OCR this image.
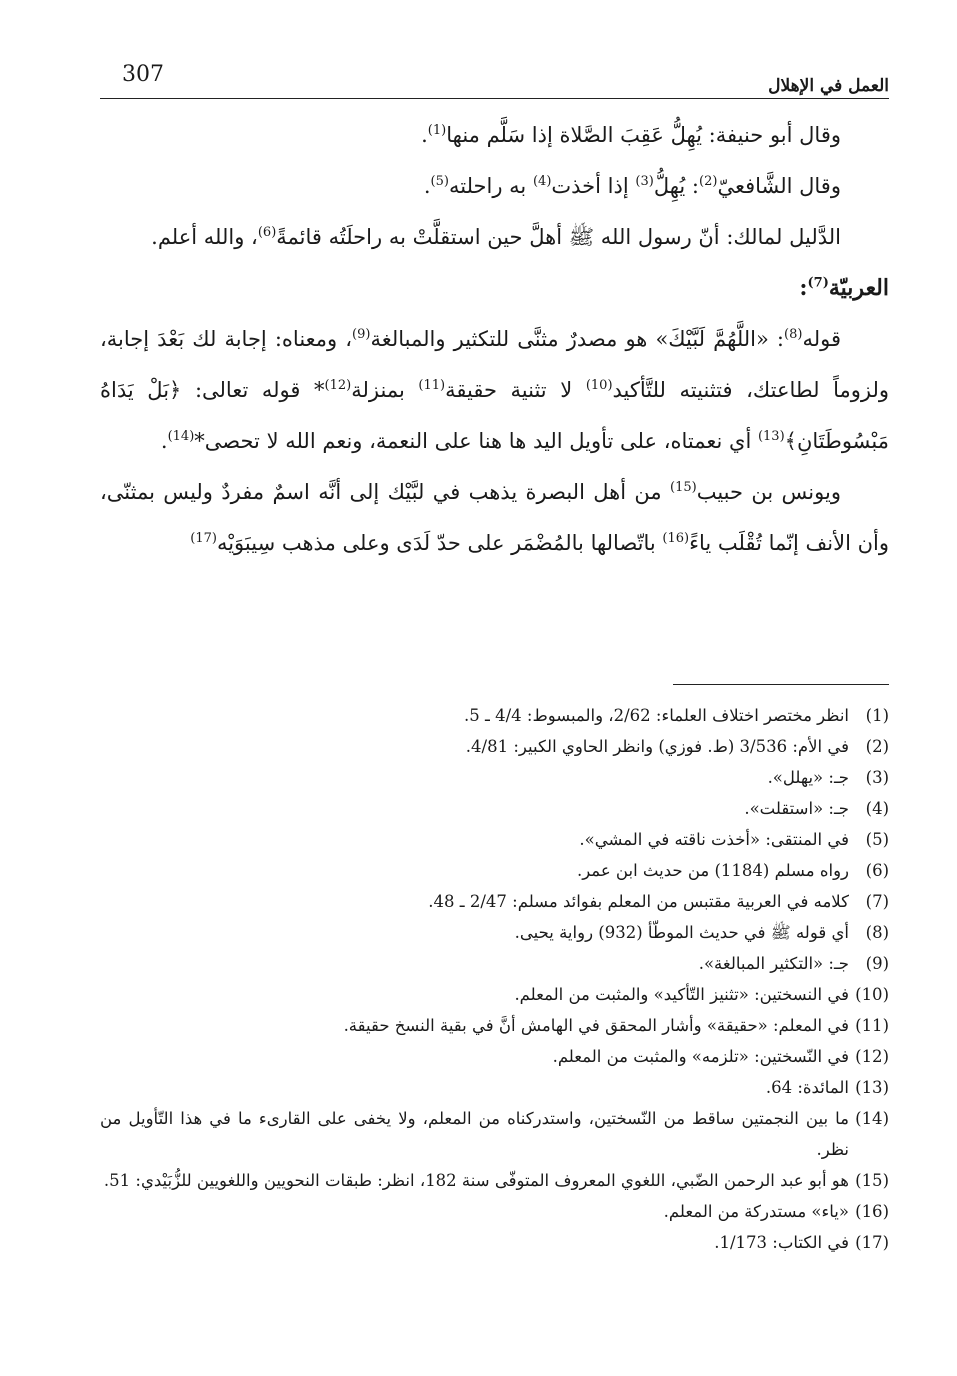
307	العمل في الإهلال

وقال أبو حنيفة: يُهِلُّ عَقِبَ الصَّلاة إذا سَلَّم منها$^{(1)}$.

وقال الشَّافعيّ$^{(2)}$: يُهِلُّ$^{(3)}$ إذا أخذت$^{(4)}$ به راحلته$^{(5)}$.

الدَّليل لمالك: أنّ رسول الله ﷺ أهلَّ حين استقلَّتْ به راحلَتُه قائمةً$^{(6)}$، والله أعلم.

العربيّة$^{(7)}$:

قوله$^{(8)}$: «اللَّهُمَّ لَبَّيْكَ» هو مصدرٌ مثنَّى للتكثير والمبالغة$^{(9)}$، ومعناه: إجابة لك بَعْدَ إجابة، ولزوماً لطاعتك، فتثنيته للتَّأكيد$^{(10)}$ لا تثنية حقيقة$^{(11)}$ بمنزلة$^{(12)}$* قوله تعالى: ﴿بَلْ يَدَاهُ مَبْسُوطَتَانِ﴾$^{(13)}$ أي نعمتاه، على تأويل اليد ها هنا على النعمة، ونعم الله لا تحصى*$^{(14)}$.

ويونس بن حبيب$^{(15)}$ من أهل البصرة يذهب في لبَّيْك إلى أنَّه اسمٌ مفردٌ وليس بمثنّى، وأن الأنف إنّما تُقْلَب ياءً$^{(16)}$ باتّصالها بالمُضْمَر على حدّ لَدَى وعلى مذهب سِيبَوَيْه$^{(17)}$

(1)
انظر مختصر اختلاف العلماء: 2/62، والمبسوط: 4/4 ـ 5.
(2)
في الأم: 3/536 (ط. فوزي) وانظر الحاوي الكبير: 4/81.
(3)
جـ: «يهلل».
(4)
جـ: «استقلت».
(5)
في المنتقى: «أخذت ناقته في المشي».
(6)
رواه مسلم (1184) من حديث ابن عمر.
(7)
كلامه في العربية مقتبس من المعلم بفوائد مسلم: 2/47 ـ 48.
(8)
أي قوله ﷺ في حديث الموطّأ (932) رواية يحيى.
(9)
جـ: «التكثير المبالغة».
(10)
في النسختين: «تثنيز التّأكيد» والمثبت من المعلم.
(11)
في المعلم: «حقيقة» وأشار المحقق في الهامش أنَّ في بقية النسخ حقيقة.
(12)
في النّسختين: «تلزمه» والمثبت من المعلم.
(13)
المائدة: 64.
(14)
ما بين النجمتين ساقط من النّسختين، واستدركناه من المعلم، ولا يخفى على القارىء ما في هذا التّأويل من نظر.
(15)
هو أبو عبد الرحمن الضّبي، اللغوي المعروف المتوفّى سنة 182، انظر: طبقات النحويين واللغويين للزُّبَيْدي: 51.
(16)
«ياء» مستدركة من المعلم.
(17)
في الكتاب: 1/173.
